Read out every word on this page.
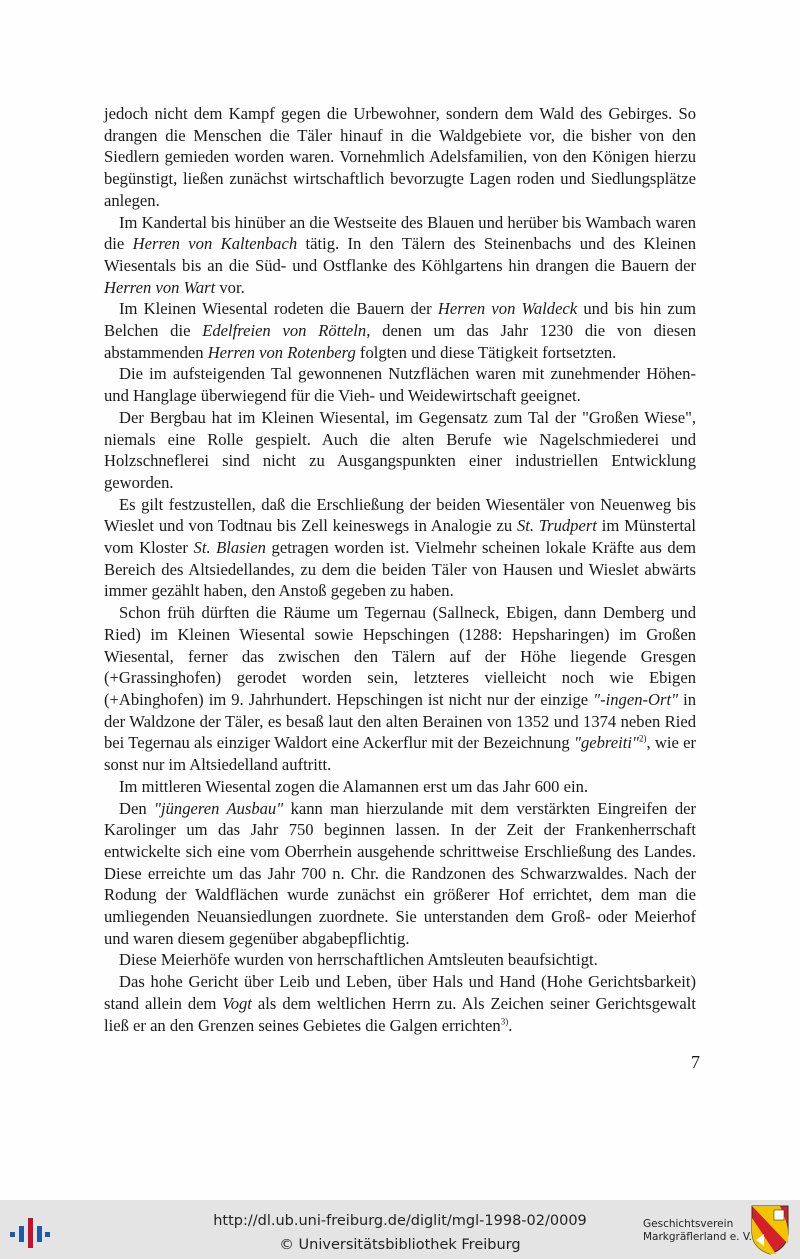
jedoch nicht dem Kampf gegen die Urbewohner, sondern dem Wald des Gebirges. So drangen die Menschen die Täler hinauf in die Waldgebiete vor, die bisher von den Siedlern gemieden worden waren. Vornehmlich Adelsfamilien, von den Königen hierzu begünstigt, ließen zunächst wirtschaftlich bevorzugte Lagen roden und Siedlungsplätze anlegen.

Im Kandertal bis hinüber an die Westseite des Blauen und herüber bis Wambach waren die Herren von Kaltenbach tätig. In den Tälern des Steinenbachs und des Kleinen Wiesentals bis an die Süd- und Ostflanke des Köhlgartens hin drangen die Bauern der Herren von Wart vor.

Im Kleinen Wiesental rodeten die Bauern der Herren von Waldeck und bis hin zum Belchen die Edelfreien von Rötteln, denen um das Jahr 1230 die von diesen abstammenden Herren von Rotenberg folgten und diese Tätigkeit fortsetzten.

Die im aufsteigenden Tal gewonnenen Nutzflächen waren mit zunehmender Höhen- und Hanglage überwiegend für die Vieh- und Weidewirtschaft geeignet.

Der Bergbau hat im Kleinen Wiesental, im Gegensatz zum Tal der "Großen Wiese", niemals eine Rolle gespielt. Auch die alten Berufe wie Nagelschmiederei und Holzschneflerei sind nicht zu Ausgangspunkten einer industriellen Entwicklung geworden.

Es gilt festzustellen, daß die Erschließung der beiden Wiesentäler von Neuenweg bis Wieslet und von Todtnau bis Zell keineswegs in Analogie zu St. Trudpert im Münstertal vom Kloster St. Blasien getragen worden ist. Vielmehr scheinen lokale Kräfte aus dem Bereich des Altsiedellandes, zu dem die beiden Täler von Hausen und Wieslet abwärts immer gezählt haben, den Anstoß gegeben zu haben.

Schon früh dürften die Räume um Tegernau (Sallneck, Ebigen, dann Demberg und Ried) im Kleinen Wiesental sowie Hepschingen (1288: Hepsharingen) im Großen Wiesental, ferner das zwischen den Tälern auf der Höhe liegende Gresgen (+Grassinghofen) gerodet worden sein, letzteres vielleicht noch wie Ebigen (+Abinghofen) im 9. Jahrhundert. Hepschingen ist nicht nur der einzige "-ingen-Ort" in der Waldzone der Täler, es besaß laut den alten Berainen von 1352 und 1374 neben Ried bei Tegernau als einziger Waldort eine Ackerflur mit der Bezeichnung "gebreiti"$^{2)}$, wie er sonst nur im Altsiedelland auftritt.

Im mittleren Wiesental zogen die Alamannen erst um das Jahr 600 ein.

Den "jüngeren Ausbau" kann man hierzulande mit dem verstärkten Eingreifen der Karolinger um das Jahr 750 beginnen lassen. In der Zeit der Frankenherrschaft entwickelte sich eine vom Oberrhein ausgehende schrittweise Erschließung des Landes. Diese erreichte um das Jahr 700 n. Chr. die Randzonen des Schwarzwaldes. Nach der Rodung der Waldflächen wurde zunächst ein größerer Hof errichtet, dem man die umliegenden Neuansiedlungen zuordnete. Sie unterstanden dem Groß- oder Meierhof und waren diesem gegenüber abgabepflichtig.

Diese Meierhöfe wurden von herrschaftlichen Amtsleuten beaufsichtigt.

Das hohe Gericht über Leib und Leben, über Hals und Hand (Hohe Gerichtsbarkeit) stand allein dem Vogt als dem weltlichen Herrn zu. Als Zeichen seiner Gerichtsgewalt ließ er an den Grenzen seines Gebietes die Galgen errichten$^{3)}$.

7
http://dl.ub.uni-freiburg.de/diglit/mgl-1998-02/0009
© Universitätsbibliothek Freiburg
Geschichtsverein
Markgräflerland e. V.
